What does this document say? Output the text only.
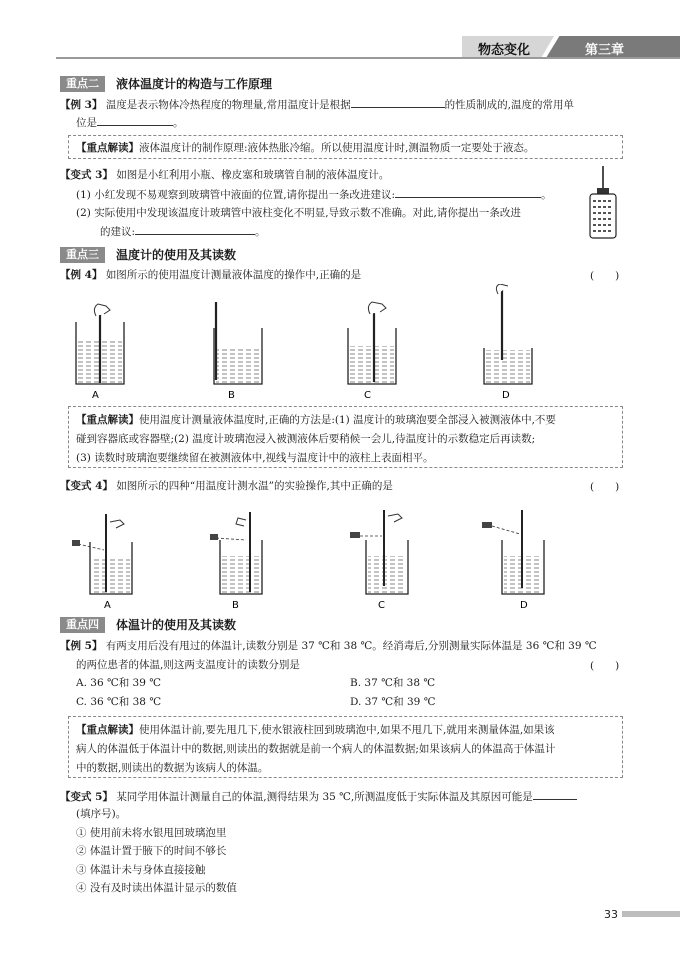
物态变化	第三章
重点二	液体温度计的构造与工作原理
【例 3】 温度是表示物体冷热程度的物理量,常用温度计是根据	的性质制成的,温度的常用单
位是	。
【重点解读】液体温度计的制作原理:液体热胀冷缩。所以使用温度计时,测温物质一定要处于液态。
【变式 3】 如图是小红利用小瓶、橡皮塞和玻璃管自制的液体温度计。
(1) 小红发现不易观察到玻璃管中液面的位置,请你提出一条改进建议:	。
(2) 实际使用中发现该温度计玻璃管中液柱变化不明显,导致示数不准确。对此,请你提出一条改进
的建议:	。
重点三	温度计的使用及其读数
【例 4】 如图所示的使用温度计测量液体温度的操作中,正确的是	(　　)
A	B	C	D
【重点解读】使用温度计测量液体温度时,正确的方法是:(1) 温度计的玻璃泡要全部浸入被测液体中,不要
碰到容器底或容器壁;(2) 温度计玻璃泡浸入被测液体后要稍候一会儿,待温度计的示数稳定后再读数;
(3) 读数时玻璃泡要继续留在被测液体中,视线与温度计中的液柱上表面相平。
【变式 4】 如图所示的四种“用温度计测水温”的实验操作,其中正确的是	(　　)
A	B	C	D
重点四	体温计的使用及其读数
【例 5】 有两支用后没有甩过的体温计,读数分别是 37 ℃和 38 ℃。经消毒后,分别测量实际体温是 36 ℃和 39 ℃
的两位患者的体温,则这两支温度计的读数分别是	(　　)
A. 36 ℃和 39 ℃	B. 37 ℃和 38 ℃
C. 36 ℃和 38 ℃	D. 37 ℃和 39 ℃
【重点解读】使用体温计前,要先甩几下,使水银液柱回到玻璃泡中,如果不甩几下,就用来测量体温,如果该
病人的体温低于体温计中的数据,则读出的数据就是前一个病人的体温数据;如果该病人的体温高于体温计
中的数据,则读出的数据为该病人的体温。
【变式 5】 某同学用体温计测量自己的体温,测得结果为 35 ℃,所测温度低于实际体温及其原因可能是
(填序号)。
① 使用前未将水银甩回玻璃泡里
② 体温计置于腋下的时间不够长
③ 体温计未与身体直接接触
④ 没有及时读出体温计显示的数值
33
